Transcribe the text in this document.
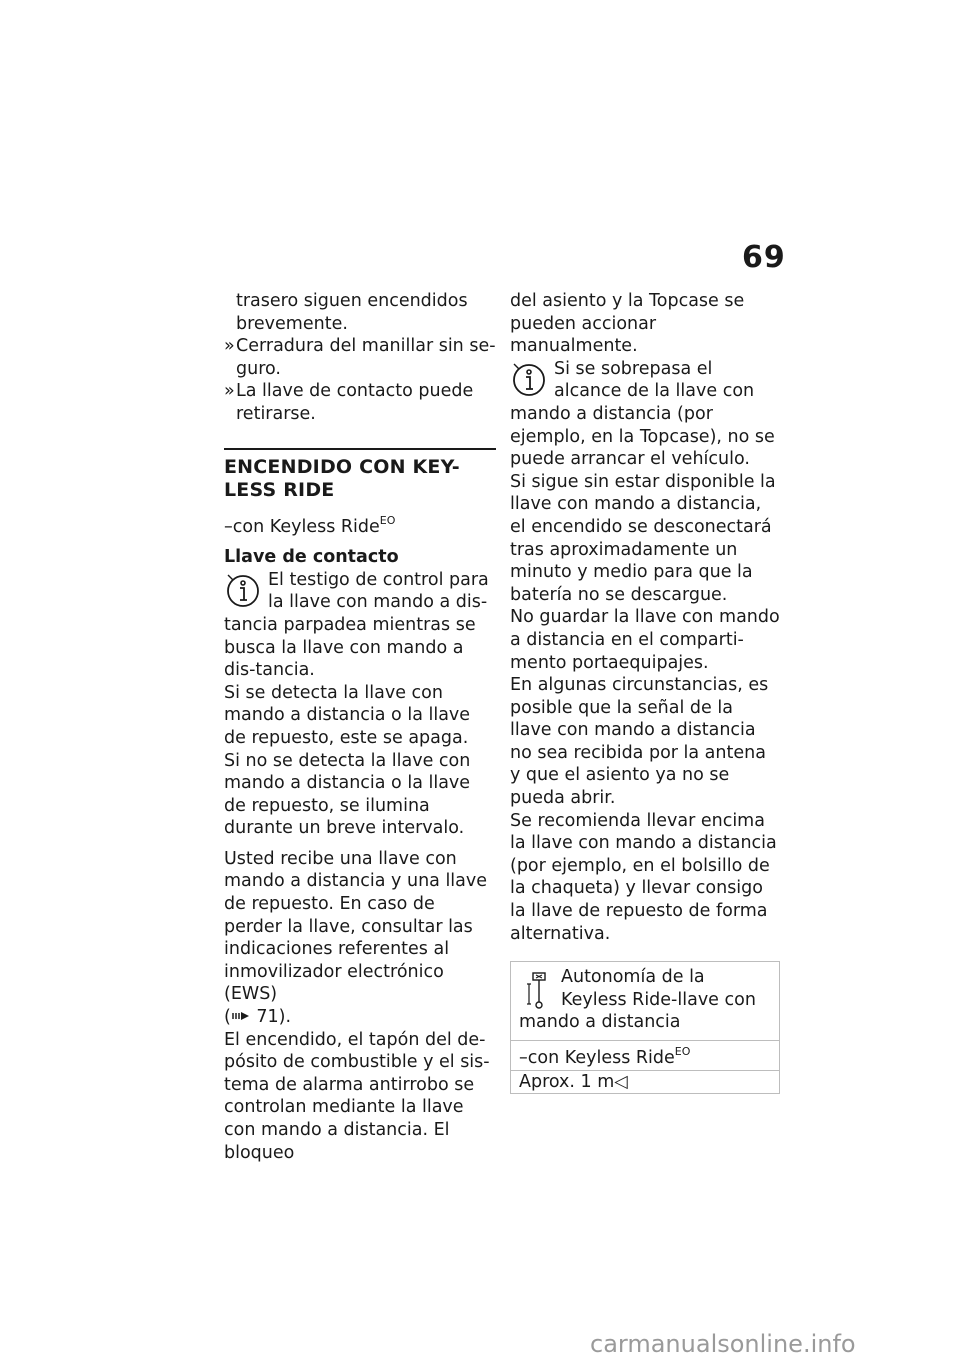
69
trasero siguen encendidos brevemente.
» Cerradura del manillar sin se-guro.
» La llave de contacto puede retirarse.
ENCENDIDO CON KEY-LESS RIDE
–con Keyless Ride$^{EO}$
Llave de contacto
El testigo de control para la llave con mando a dis-tancia parpadea mientras se busca la llave con mando a dis-tancia.
Si se detecta la llave con mando a distancia o la llave de repuesto, este se apaga.
Si no se detecta la llave con mando a distancia o la llave de repuesto, se ilumina durante un breve intervalo.
Usted recibe una llave con mando a distancia y una llave de repuesto. En caso de perder la llave, consultar las indicaciones referentes al inmovilizador electrónico (EWS)
( 71).
El encendido, el tapón del de-pósito de combustible y el sis-tema de alarma antirrobo se controlan mediante la llave con mando a distancia. El bloqueo
del asiento y la Topcase se pueden accionar manualmente.
Si se sobrepasa el alcance de la llave con mando a distancia (por ejemplo, en la Topcase), no se puede arrancar el vehículo.
Si sigue sin estar disponible la llave con mando a distancia, el encendido se desconectará tras aproximadamente un minuto y medio para que la batería no se descargue.
No guardar la llave con mando a distancia en el comparti-mento portaequipajes.
En algunas circunstancias, es posible que la señal de la llave con mando a distancia no sea recibida por la antena y que el asiento ya no se pueda abrir.
Se recomienda llevar encima la llave con mando a distancia (por ejemplo, en el bolsillo de la chaqueta) y llevar consigo la llave de repuesto de forma alternativa.
Autonomía de la Keyless Ride-llave con mando a distancia
–con Keyless Ride$^{EO}$
Aprox. 1 m◁
carmanualsonline.info
